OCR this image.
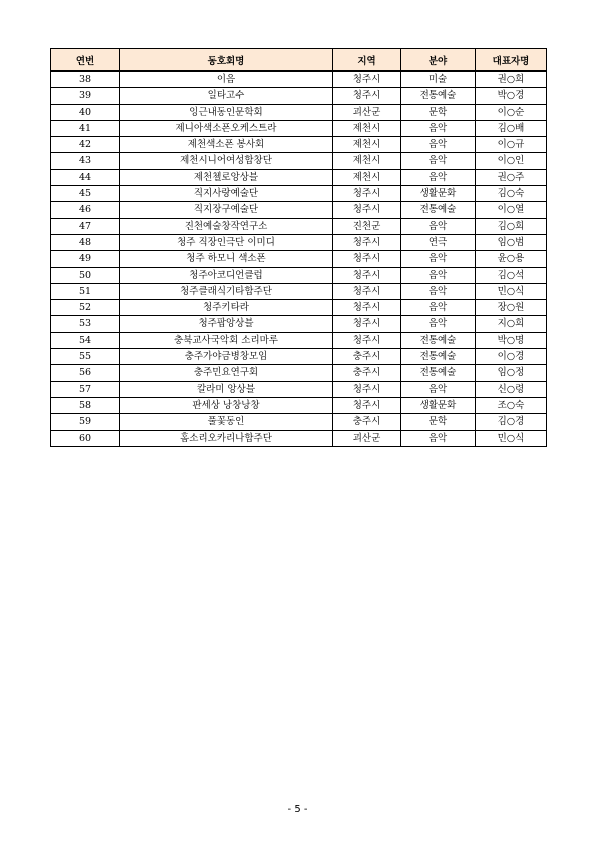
연번	동호회명	지역	분야	대표자명
38	이음	청주시	미술	권○희
39	일타고수	청주시	전통예술	박○경
40	잉근내동인문학회	괴산군	문학	이○순
41	제니아색소폰오케스트라	제천시	음악	김○배
42	제천색소폰 봉사회	제천시	음악	이○규
43	제천시니어여성합창단	제천시	음악	이○인
44	제천첼로앙상블	제천시	음악	권○주
45	직지사랑예술단	청주시	생활문화	김○숙
46	직지장구예술단	청주시	전통예술	이○열
47	진천예술창작연구소	진천군	음악	김○희
48	청주 직장인극단 이미디	청주시	연극	임○범
49	청주 하모니 색소폰	청주시	음악	윤○용
50	청주아코디언클럽	청주시	음악	김○석
51	청주클래식기타합주단	청주시	음악	민○식
52	청주키타라	청주시	음악	장○원
53	청주팝앙상블	청주시	음악	지○희
54	충북교사국악회 소리마루	청주시	전통예술	박○명
55	충주가야금병창모임	충주시	전통예술	이○경
56	충주민요연구회	충주시	전통예술	임○정
57	칼라미 앙상블	청주시	음악	신○령
58	판세상 낭창낭창	청주시	생활문화	조○숙
59	풀꽃동인	충주시	문학	김○경
60	홈소리오카리나합주단	괴산군	음악	민○식
- 5 -
